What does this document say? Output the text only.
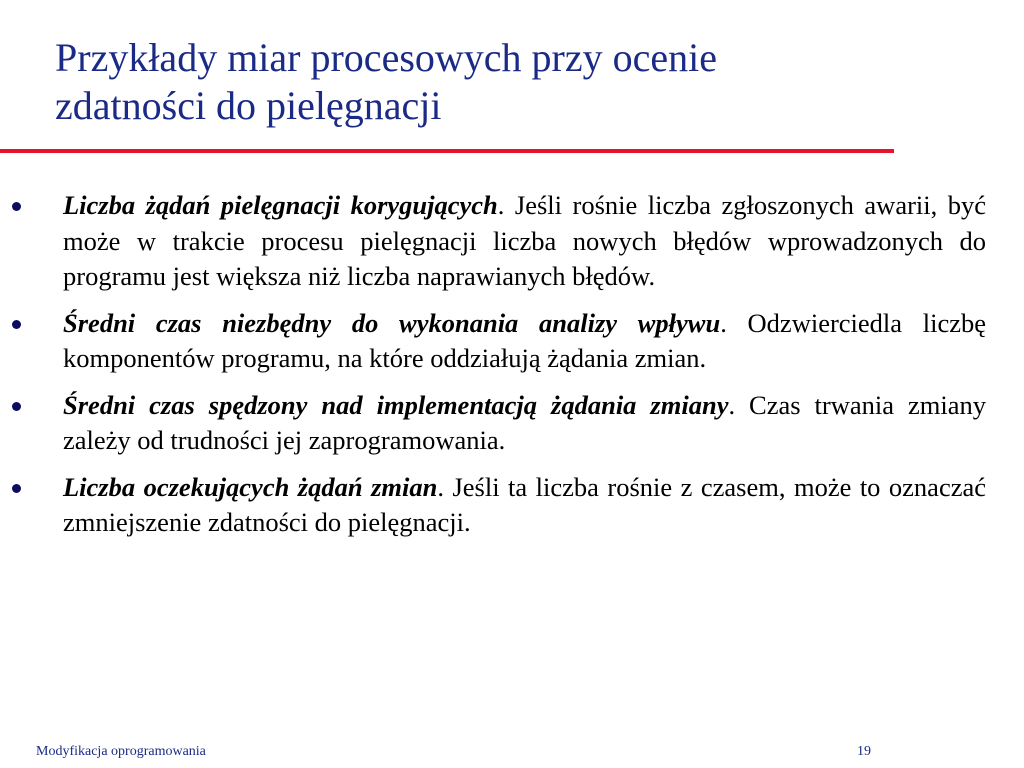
Przykłady miar procesowych przy ocenie
zdatności do pielęgnacji
Liczba żądań pielęgnacji korygujących. Jeśli rośnie liczba zgłoszonych awarii, być może w trakcie procesu pielęgnacji liczba nowych błędów wprowadzonych do programu jest większa niż liczba naprawianych błędów.
Średni czas niezbędny do wykonania analizy wpływu. Odzwierciedla liczbę komponentów programu, na które oddziałują żądania zmian.
Średni czas spędzony nad implementacją żądania zmiany. Czas trwania zmiany zależy od trudności jej zaprogramowania.
Liczba oczekujących żądań zmian. Jeśli ta liczba rośnie z czasem, może to oznaczać zmniejszenie zdatności do pielęgnacji.
Modyfikacja oprogramowania	19
